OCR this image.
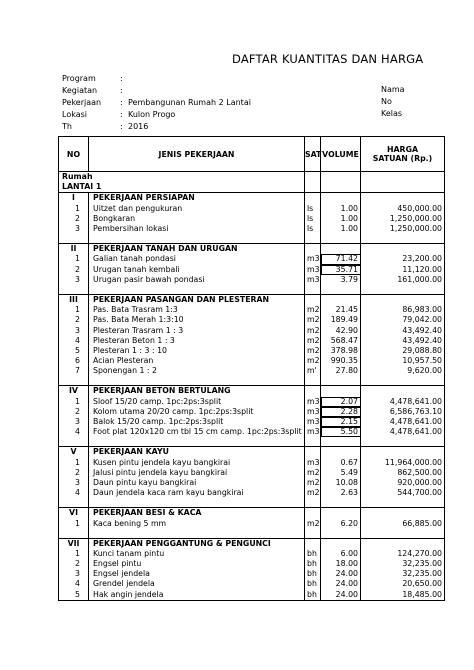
DAFTAR KUANTITAS DAN HARGA
Program	:
Kegiatan	:
Pekerjaan	: Pembangunan Rumah 2 Lantai
Lokasi	: Kulon Progo
Th	: 2016
Nama
No
Kelas
NO	JENIS PEKERJAAN	SAT	VOLUME	HARGA
SATUAN (Rp.)

Rumah				
LANTAI 1				
I	PEKERJAAN PERSIAPAN			
1	Uitzet dan pengukuran	ls	1.00	450,000.00
2	Bongkaran	ls	1.00	1,250,000.00
3	Pembersihan lokasi	ls	1.00	1,250,000.00

II	PEKERJAAN TANAH DAN URUGAN			
1	Galian tanah pondasi	m3	71.42	23,200.00
2	Urugan tanah kembali	m3	35.71	11,120.00
3	Urugan pasir bawah pondasi	m3	3.79	161,000.00

III	PEKERJAAN PASANGAN DAN PLESTERAN			
1	Pas. Bata Trasram 1:3	m2	21.45	86,983.00
2	Pas. Bata Merah 1:3:10	m2	189.49	79,042.00
3	Plesteran Trasram 1 : 3	m2	42.90	43,492.40
4	Plesteran Beton 1 : 3	m2	568.47	43,492.40
5	Plesteran 1 : 3 : 10	m2	378.98	29,088.80
6	Acian Plesteran	m2	990.35	10,957.50
7	Sponengan 1 : 2	m'	27.80	9,620.00

IV	PEKERJAAN BETON BERTULANG			
1	Sloof 15/20 camp. 1pc:2ps:3split	m3	2.07	4,478,641.00
2	Kolom utama 20/20 camp. 1pc:2ps:3split	m3	2.28	6,586,763.10
3	Balok 15/20 camp. 1pc:2ps:3split	m3	2.15	4,478,641.00
4	Foot plat 120x120 cm tbl 15 cm camp. 1pc:2ps:3split	m3	5.50	4,478,641.00

V	PEKERJAAN KAYU			
1	Kusen pintu jendela kayu bangkirai	m3	0.67	11,964,000.00
2	Jalusi pintu jendela kayu bangkirai	m2	5.49	862,500.00
3	Daun pintu kayu bangkirai	m2	10.08	920,000.00
4	Daun jendela kaca ram kayu bangkirai	m2	2.63	544,700.00

VI	PEKERJAAN BESI & KACA			
1	Kaca bening 5 mm	m2	6.20	66,885.00

VII	PEKERJAAN PENGGANTUNG & PENGUNCI			
1	Kunci tanam pintu	bh	6.00	124,270.00
2	Engsel pintu	bh	18.00	32,235.00
3	Engsel jendela	bh	24.00	32,235.00
4	Grendel jendela	bh	24.00	20,650.00
5	Hak angin jendela	bh	24.00	18,485.00
